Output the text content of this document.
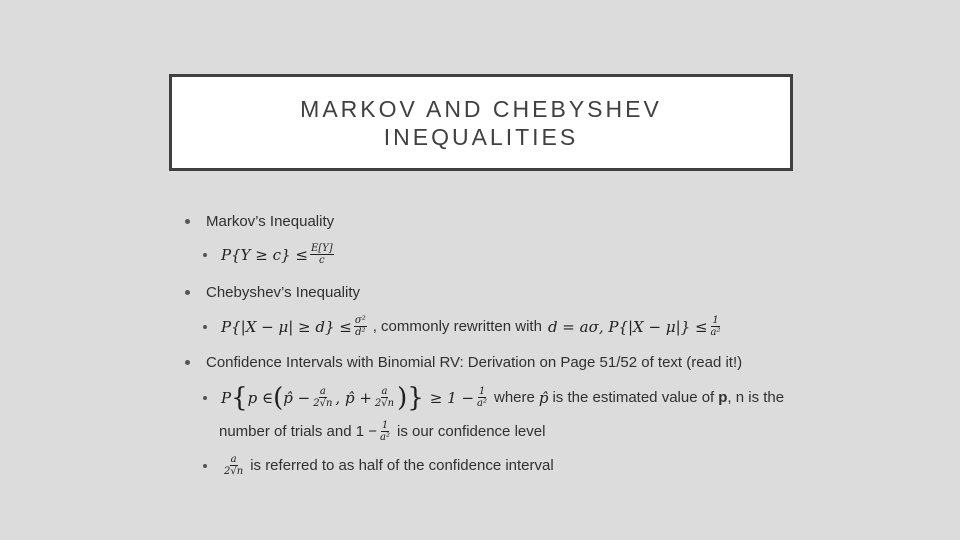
MARKOV AND CHEBYSHEV INEQUALITIES
Markov’s Inequality
$P\{Y \ge c\} \le \frac{E[Y]}{c}$
Chebyshev’s Inequality
$P\{|X - \mu| \ge d\} \le \frac{\text{σ²}}{\text{d²}}$ , commonly rewritten with d = aσ, $P\{|X - \mu|\} \le \frac{1}{\text{a²}}$
Confidence Intervals with Binomial RV: Derivation on Page 51/52 of text (read it!)
P { p ∈ ( p̂ − $\frac{a}{2√n}$ , p̂ + $\frac{a}{2√n}$ ) } ≥ $1 - \frac{1}{\text{a²}}$ where p̂ is the estimated value of p , n is the
number of trials and $1 - \frac{1}{\text{a²}}$ is our confidence level
$\frac{a}{2√n}$ is referred to as half of the confidence interval
